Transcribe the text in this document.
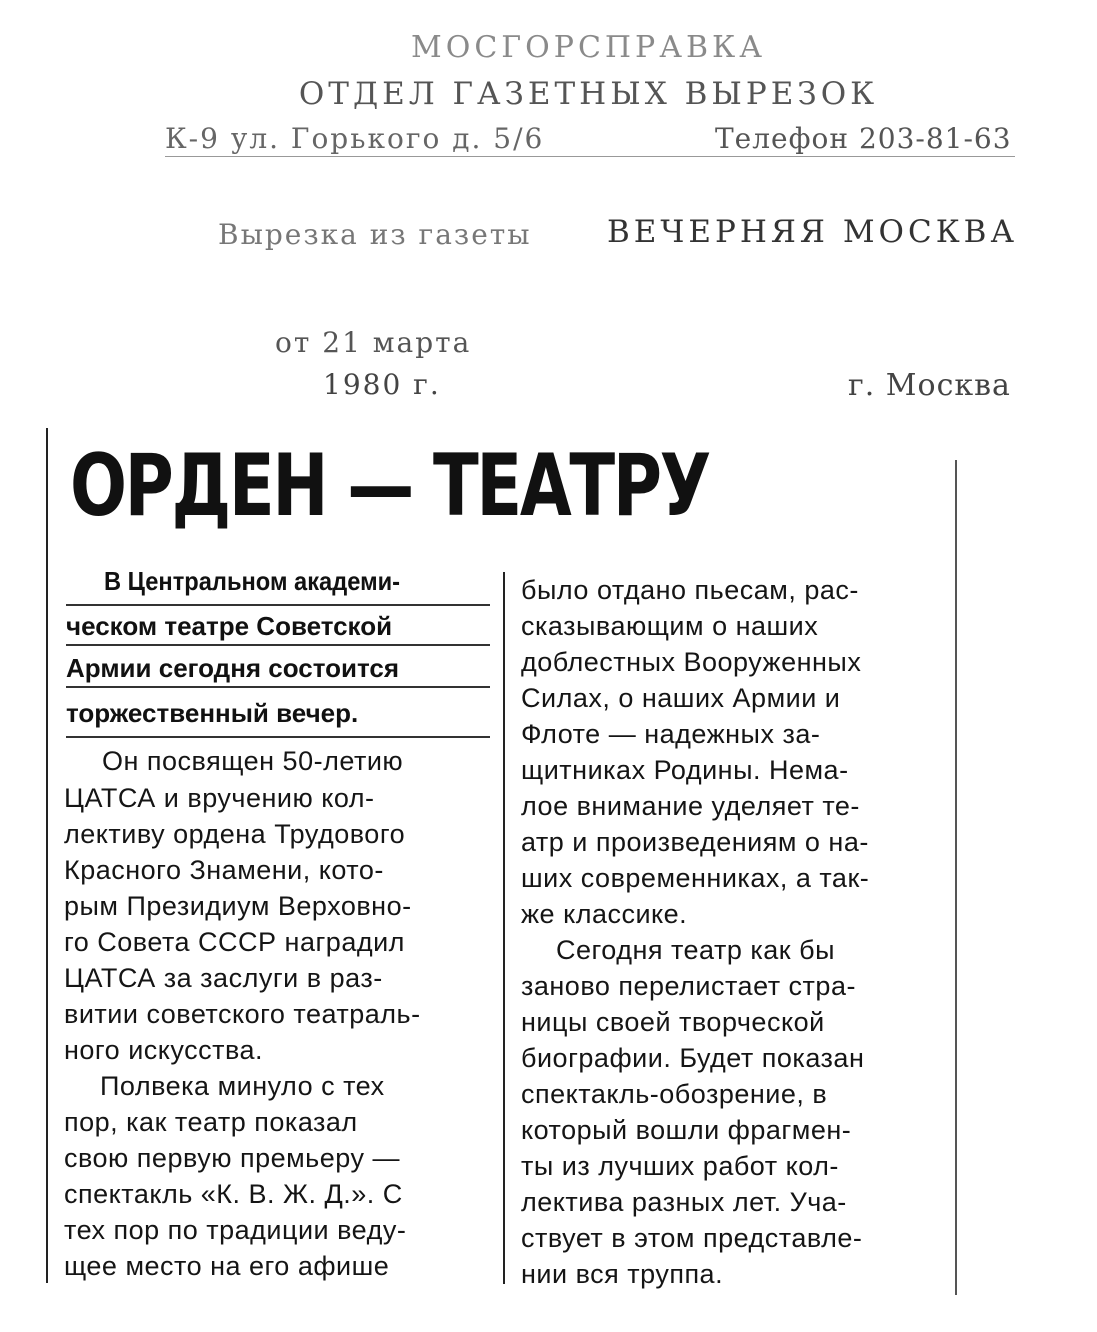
МОСГОРСПРАВКА
ОТДЕЛ ГАЗЕТНЫХ ВЫРЕЗОК
К-9 ул. Горького д. 5/6	Телефон 203-81-63
Вырезка из газеты ВЕЧЕРНЯЯ МОСКВА
от 21 марта
1980 г.	г. Москва
ОРДЕН — ТЕАТРУ
В Центральном академи-
ческом театре Советской
Армии сегодня состоится
торжественный вечер.
Он посвящен 50-летию
ЦАТСА и вручению кол-
лективу ордена Трудового
Красного Знамени, кото-
рым Президиум Верховно-
го Совета СССР наградил
ЦАТСА за заслуги в раз-
витии советского театраль-
ного искусства.
Полвека минуло с тех
пор, как театр показал
свою первую премьеру —
спектакль «К. В. Ж. Д.». С
тех пор по традиции веду-
щее место на его афише
было отдано пьесам, рас-
сказывающим о наших
доблестных Вооруженных
Силах, о наших Армии и
Флоте — надежных за-
щитниках Родины. Нема-
лое внимание уделяет те-
атр и произведениям о на-
ших современниках, а так-
же классике.
Сегодня театр как бы
заново перелистает стра-
ницы своей творческой
биографии. Будет показан
спектакль-обозрение, в
который вошли фрагмен-
ты из лучших работ кол-
лектива разных лет. Уча-
ствует в этом представле-
нии вся труппа.
